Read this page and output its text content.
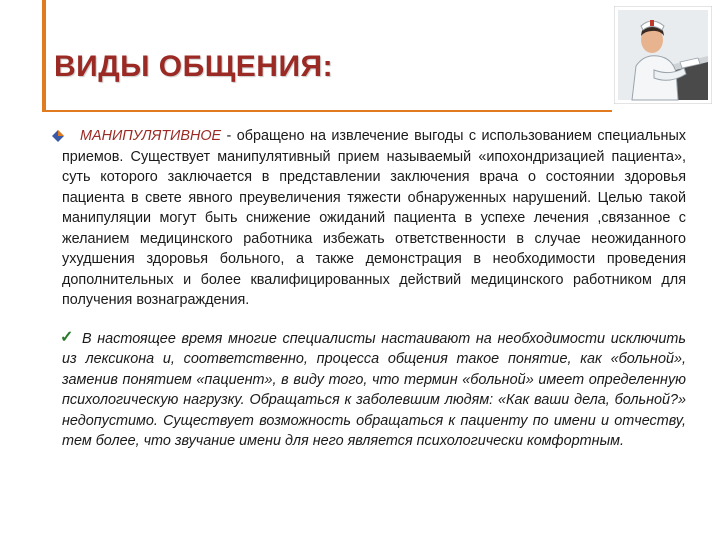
ВИДЫ ОБЩЕНИЯ:

МАНИПУЛЯТИВНОЕ - обращено на извлечение выгоды с использованием специальных приемов. Существует манипулятивный прием называемый «ипохондризацией пациента», суть которого заключается в представлении заключения врача о состоянии здоровья пациента в свете явного преувеличения тяжести обнаруженных нарушений. Целью такой манипуляции могут быть снижение ожиданий пациента в успехе лечения ,связанное с желанием медицинского работника избежать ответственности в случае неожиданного ухудшения здоровья больного, а также демонстрация в необходимости проведения дополнительных и более квалифицированных действий медицинского работником для получения вознаграждения.

✓ В настоящее время многие специалисты настаивают на необходимости исключить из лексикона и, соответственно, процесса общения такое понятие, как «больной», заменив понятием «пациент», в виду того, что термин «больной» имеет определенную психологическую нагрузку. Обращаться к заболевшим людям: «Как ваши дела, больной?» недопустимо. Существует возможность обращаться к пациенту по имени и отчеству, тем более, что звучание имени для него является психологически комфортным.
